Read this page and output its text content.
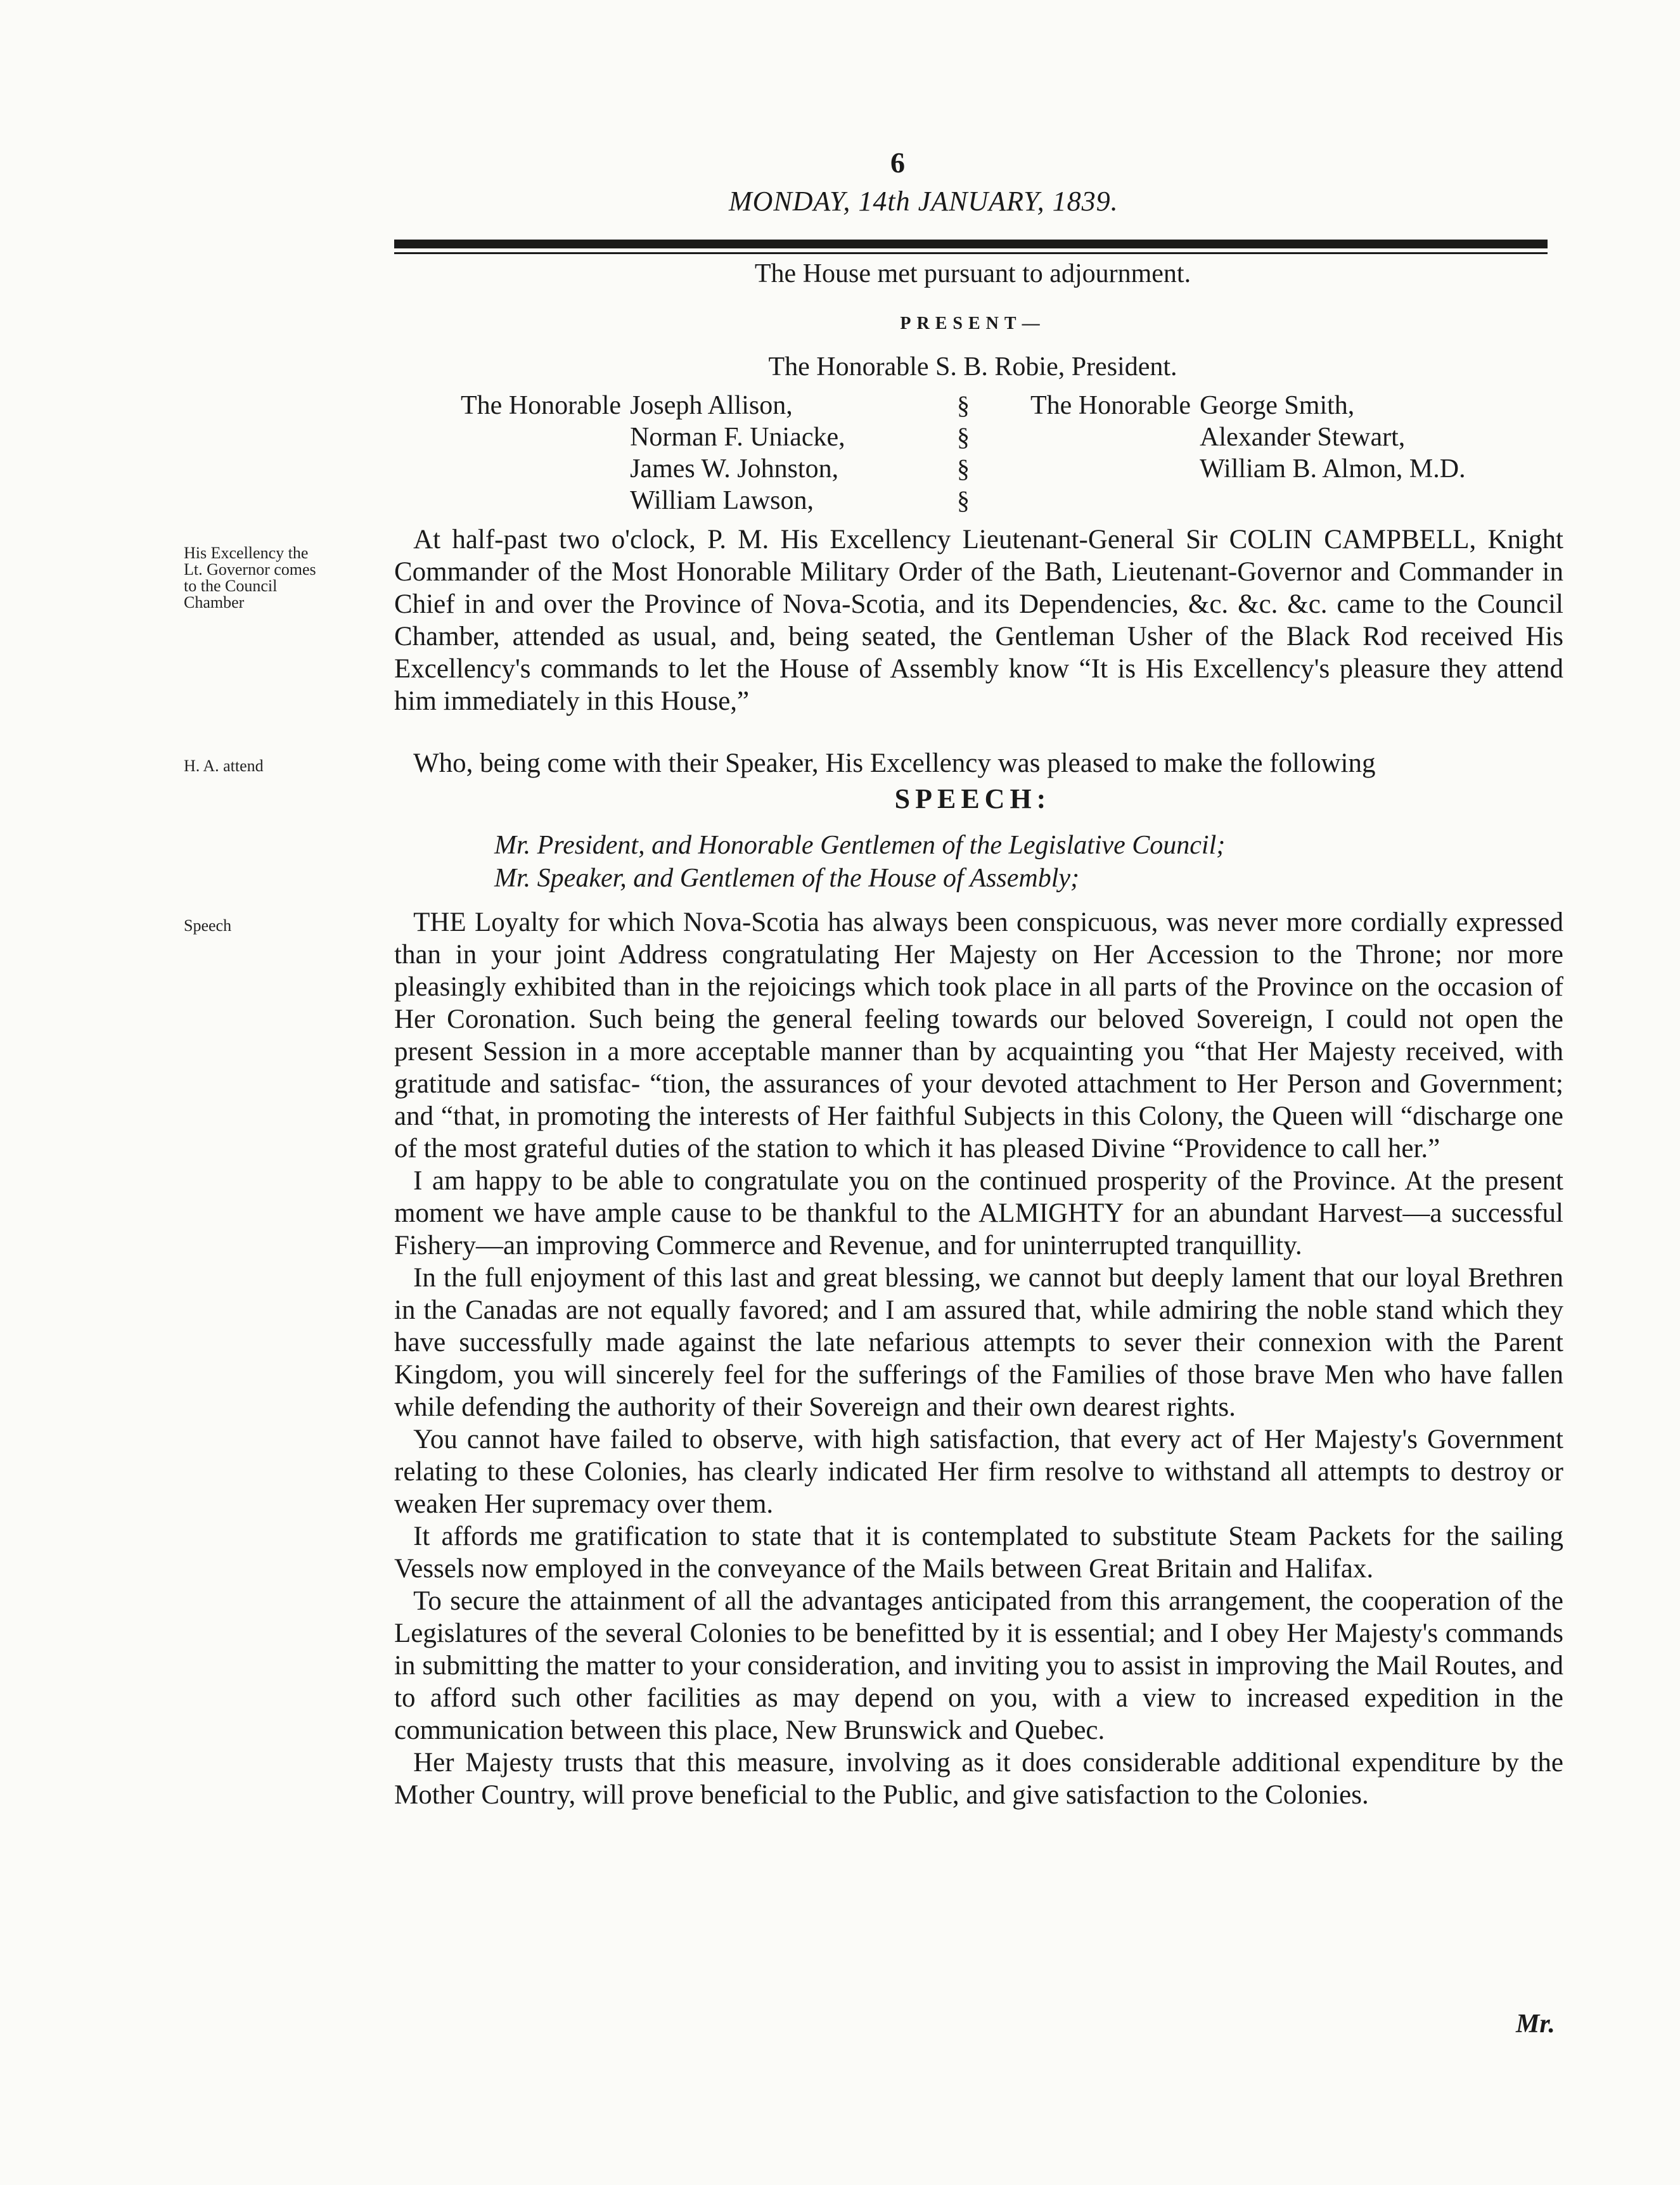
6
MONDAY, 14th JANUARY, 1839.
The House met pursuant to adjournment.
PRESENT—
The Honorable S. B. Robie, President.
The Honorable Joseph Allison,
Norman F. Uniacke,
James W. Johnston,
William Lawson,
§
§
§
§
The Honorable George Smith,
Alexander Stewart,
William B. Almon, M.D.
His Excellency the
Lt. Governor comes
to the Council
Chamber

At half-past two o'clock, P. M. His Excellency Lieutenant-General Sir COLIN CAMPBELL, Knight Commander of the Most Honorable Military Order of the Bath, Lieutenant-Governor and Commander in Chief in and over the Province of Nova-Scotia, and its Dependencies, &c. &c. &c. came to the Council Chamber, attended as usual, and, being seated, the Gentleman Usher of the Black Rod received His Excellency's commands to let the House of Assembly know “It is His Excellency's pleasure they attend him immediately in this House,”

H. A. attend	Who, being come with their Speaker, His Excellency was pleased to make the following

SPEECH:
Mr. President, and Honorable Gentlemen of the Legislative Council;
Mr. Speaker, and Gentlemen of the House of Assembly;
Speech	THE Loyalty for which Nova-Scotia has always been conspicuous, was never more cordially expressed than in your joint Address congratulating Her Majesty on Her Accession to the Throne; nor more pleasingly exhibited than in the rejoicings which took place in all parts of the Province on the occasion of Her Coronation. Such being the general feeling towards our beloved Sovereign, I could not open the present Session in a more acceptable manner than by acquainting you “that Her Majesty received, with gratitude and satisfac- “tion, the assurances of your devoted attachment to Her Person and Government; and “that, in promoting the interests of Her faithful Subjects in this Colony, the Queen will “discharge one of the most grateful duties of the station to which it has pleased Divine “Providence to call her.”

I am happy to be able to congratulate you on the continued prosperity of the Province. At the present moment we have ample cause to be thankful to the ALMIGHTY for an abundant Harvest—a successful Fishery—an improving Commerce and Revenue, and for uninterrupted tranquillity.

In the full enjoyment of this last and great blessing, we cannot but deeply lament that our loyal Brethren in the Canadas are not equally favored; and I am assured that, while admiring the noble stand which they have successfully made against the late nefarious attempts to sever their connexion with the Parent Kingdom, you will sincerely feel for the sufferings of the Families of those brave Men who have fallen while defending the authority of their Sovereign and their own dearest rights.

You cannot have failed to observe, with high satisfaction, that every act of Her Majesty's Government relating to these Colonies, has clearly indicated Her firm resolve to withstand all attempts to destroy or weaken Her supremacy over them.

It affords me gratification to state that it is contemplated to substitute Steam Packets for the sailing Vessels now employed in the conveyance of the Mails between Great Britain and Halifax.

To secure the attainment of all the advantages anticipated from this arrangement, the cooperation of the Legislatures of the several Colonies to be benefitted by it is essential; and I obey Her Majesty's commands in submitting the matter to your consideration, and inviting you to assist in improving the Mail Routes, and to afford such other facilities as may depend on you, with a view to increased expedition in the communication between this place, New Brunswick and Quebec.

Her Majesty trusts that this measure, involving as it does considerable additional expenditure by the Mother Country, will prove beneficial to the Public, and give satisfaction to the Colonies.

Mr.
